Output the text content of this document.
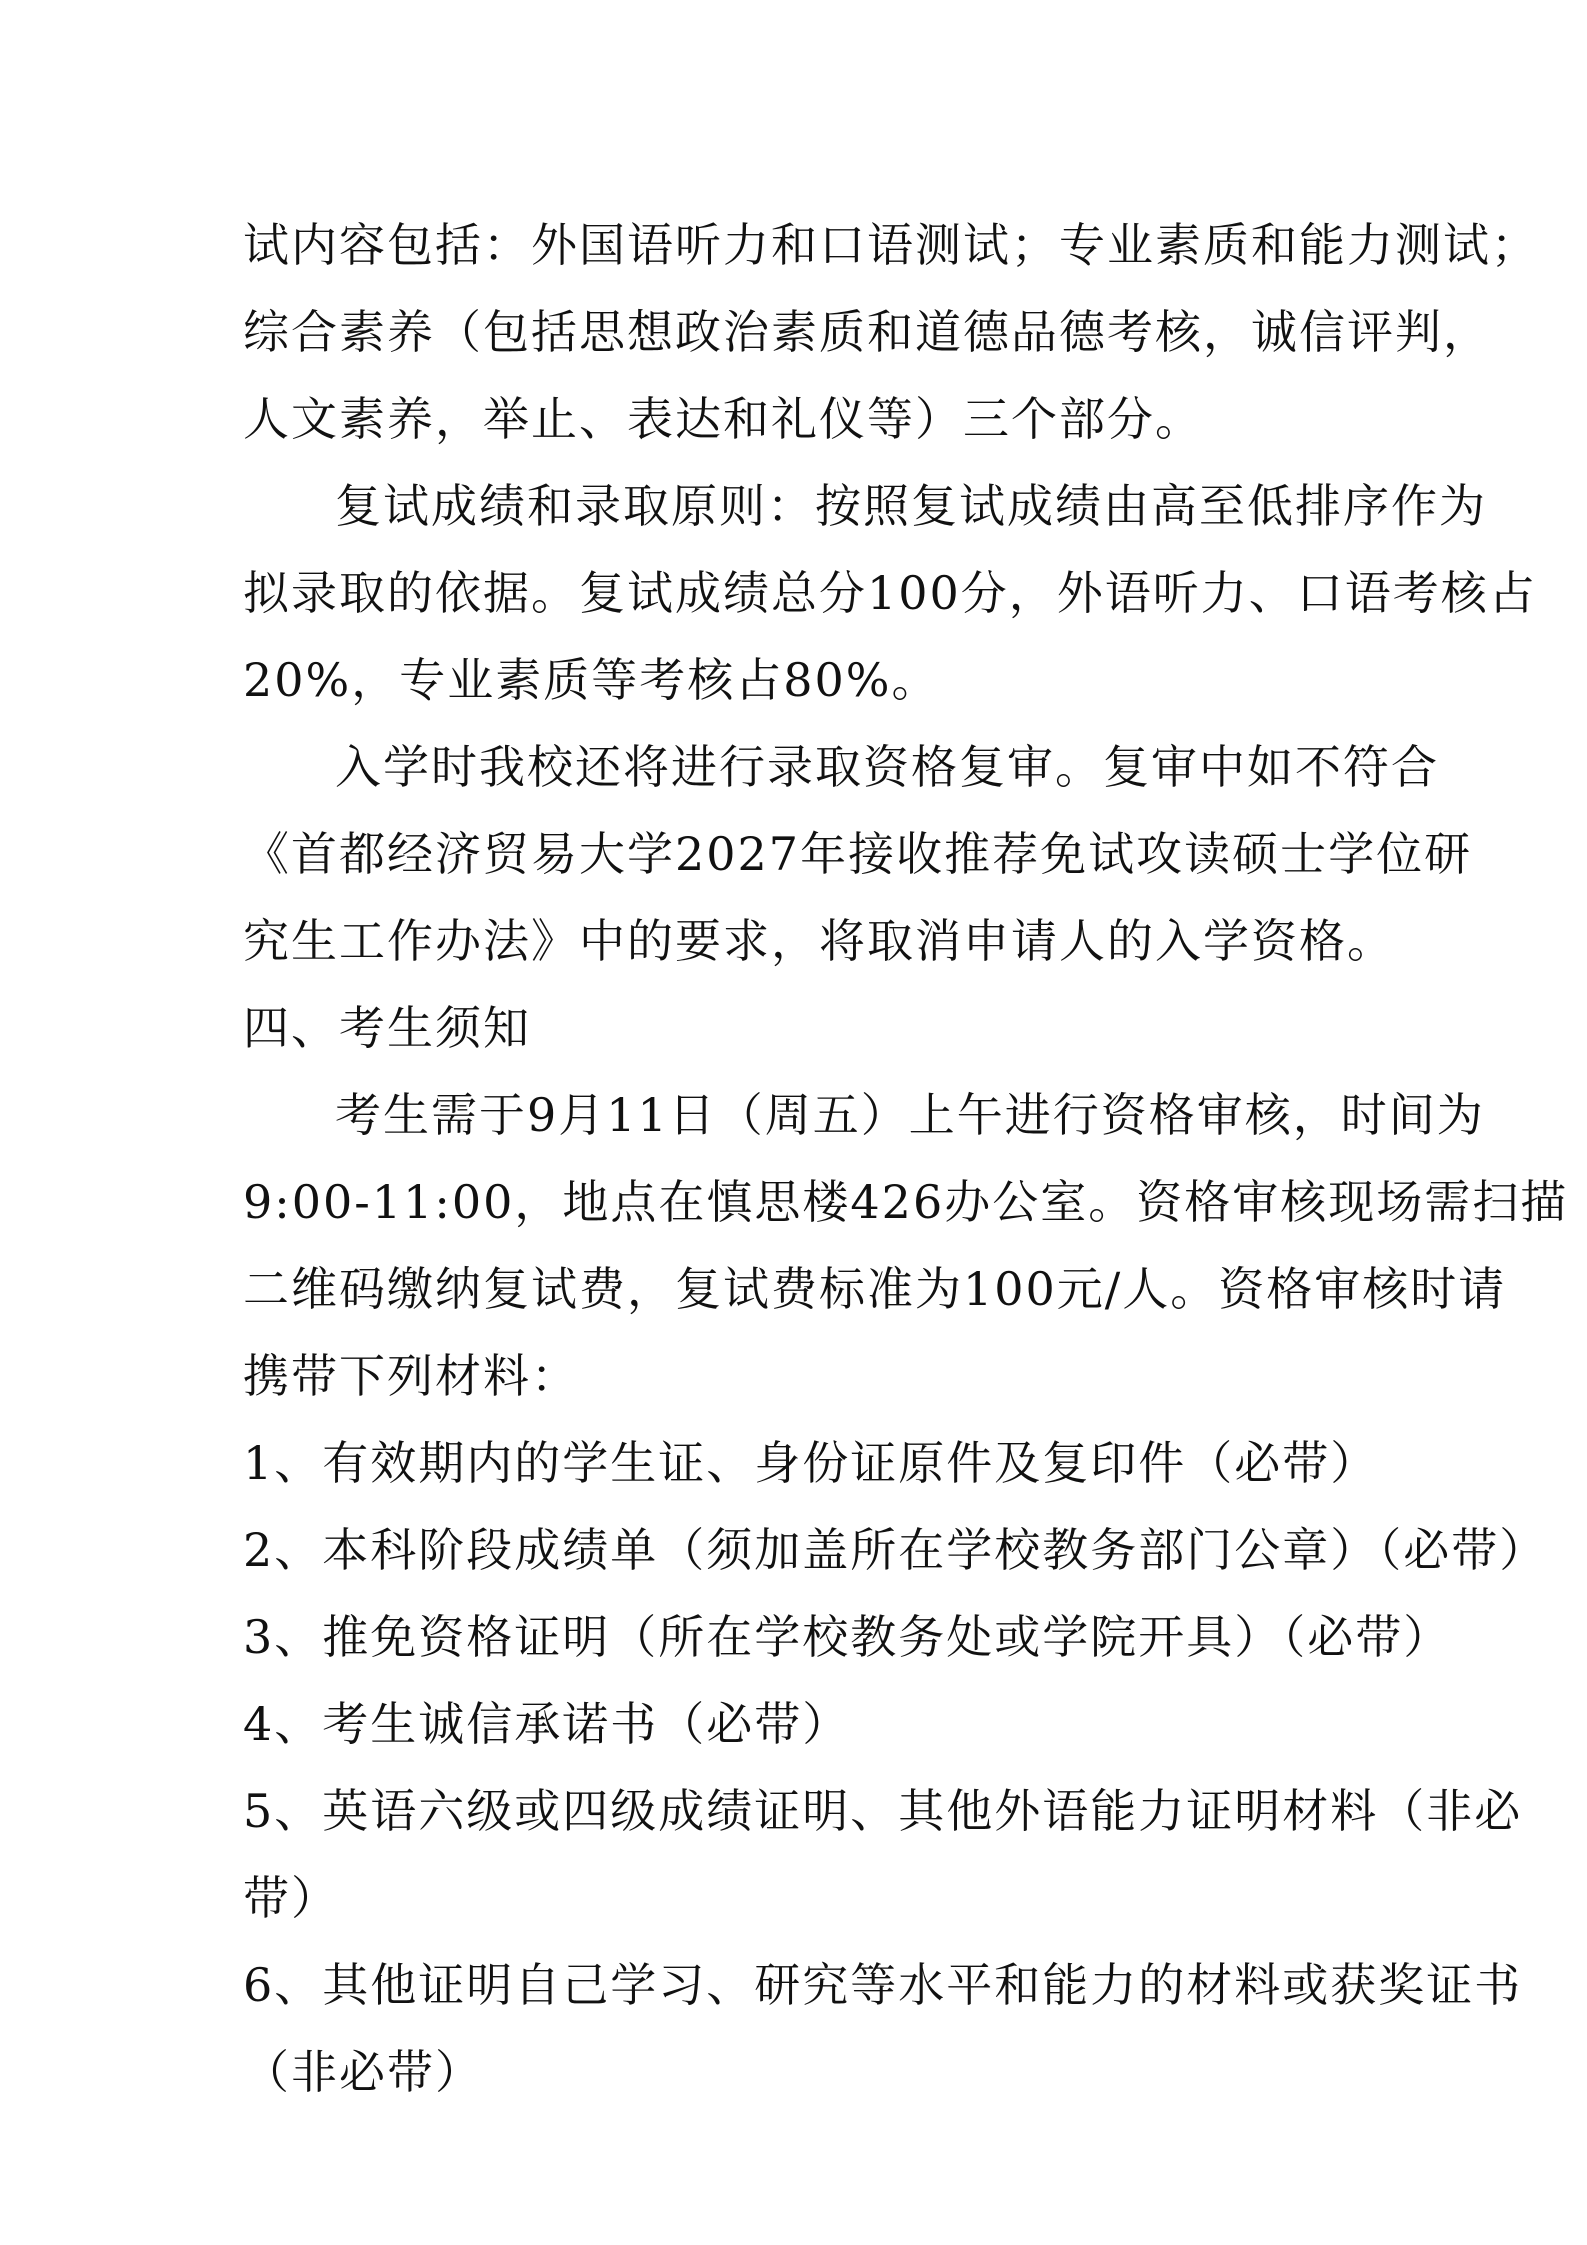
试内容包括：外国语听力和口语测试；专业素质和能力测试；
综合素养（包括思想政治素质和道德品德考核，诚信评判，
人文素养，举止、表达和礼仪等）三个部分。
复试成绩和录取原则：按照复试成绩由高至低排序作为
拟录取的依据。复试成绩总分100分，外语听力、口语考核占
20%，专业素质等考核占80%。
入学时我校还将进行录取资格复审。复审中如不符合
《首都经济贸易大学2027年接收推荐免试攻读硕士学位研
究生工作办法》中的要求，将取消申请人的入学资格。
四、考生须知
考生需于9月11日（周五）上午进行资格审核，时间为
9:00-11:00，地点在慎思楼426办公室。资格审核现场需扫描
二维码缴纳复试费，复试费标准为100元/人。资格审核时请
携带下列材料：
1、有效期内的学生证、身份证原件及复印件（必带）
2、本科阶段成绩单（须加盖所在学校教务部门公章）（必带）
3、推免资格证明（所在学校教务处或学院开具）（必带）
4、考生诚信承诺书（必带）
5、英语六级或四级成绩证明、其他外语能力证明材料（非必
带）
6、其他证明自己学习、研究等水平和能力的材料或获奖证书
（非必带）
